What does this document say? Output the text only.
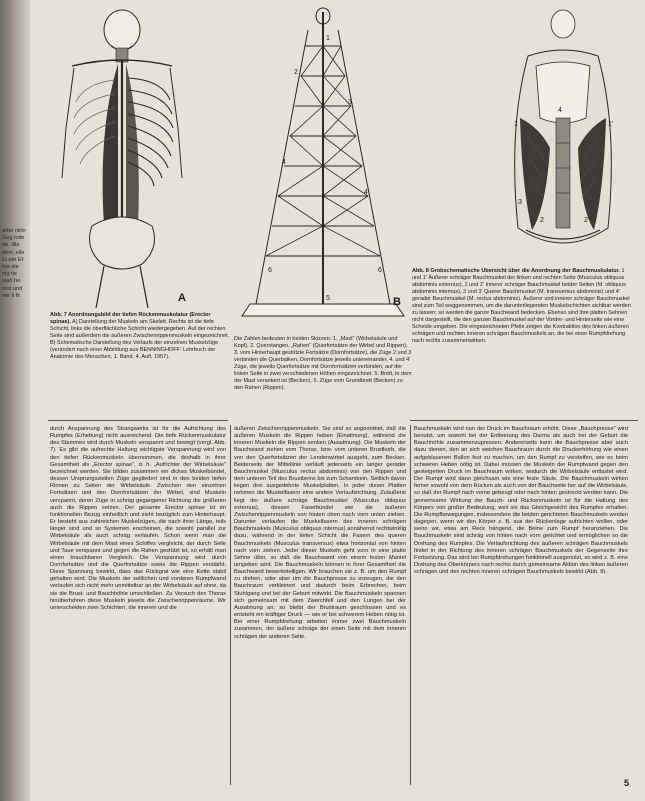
arbe ntrin Geg lolte ab. lilla ähnl. elle Ei ete Ef ma ste nig tie stab he rest und ner li lit	A
1
2
3
4
4'
6	6
5	B
1	1'
3
2	2'
4
Abb. 7 Anordnungsbild der tiefen Rückenmuskulatur (Erector spinae). A) Darstellung der Muskeln am Skelett. Rechts ist die tiefe Schicht, links die oberflächliche Schicht wiedergegeben. Auf der rechten Seite sind außerdem die äußeren Zwischenrippenmuskeln eingezeichnet. B) Schematische Darstellung des Verlaufs der einzelnen Muskelzüge (verändert nach einer Abbildung aus BENNINGHOFF: Lehrbuch der Anatomie des Menschen, 1. Band, 4. Aufl. 1957).
Die Zahlen bedeuten in beiden Skizzen: 1. „Mast" (Wirbelsäule und Kopf), 2. Querstangen, „Rahen" (Querfortsätze der Wirbel und Rippen), 3. vom Hinterhaupt gestützte Fortsätze (Dornfortsätze), die Züge 2 und 3 verbinden die Querbalken, Dornfortsätze jeweils untereinander, 4. und 4' Züge, die jeweils Querfortsätze mit Dornfortsätzen verbinden, auf der linken Seite in zwei verschiedenen Höhen eingezeichnet. 5. Brett, in dem der Mast verankert ist (Becken). 6. Züge vom Grundbrett (Becken) zu den Rahen (Rippen).
Abb. 8 Grobschematische Übersicht über die Anordnung der Bauchmuskulatur. 1 und 1' Äußerer schräger Bauchmuskel der linken und rechten Seite (Musculus obliquus abdominis externus), 2 und 2' Innerer schräger Bauchmuskel beider Seiten (M. obliquus abdominis internus), 3 und 3' Querer Bauchmuskel (M. transversus abdominis) und 4' gerader Bauchmuskel (M. rectus abdominis). Äußerer und innerer schräger Bauchmuskel sind zum Teil weggenommen, um die darunterliegenden Muskelschichten sichtbar werden zu lassen; so werden die ganze Bauchwand bedecken. Ebenso sind ihre platten Sehnen nicht dargestellt, die den ganzen Bauchmuskel auf der Vorder- und Hinterseite wie eine Scheide umgeben. Die eingezeichneten Pfeile zeigen die Kontraktion des linken äußeren schrägen und rechten inneren schrägen Bauchmuskels an, die bei einer Rumpfdrehung nach rechts zusammenwirken.
durch Anspannung des Strangwerks ist für die Aufrichtung des Rumpfes (Erhebung) nicht ausreichend. Die tiefe Rückenmuskulatur des Stammes wird durch Muskeln verspannt und bewegt (vergl. Abb. 7). Es gibt die aufrechte Haltung wichtigste Verspannung wird von den tiefen Rückenmuskeln übernommen, die deshalb in ihrer Gesamtheit als „Erector spinae", d. h. „Aufrichter der Wirbelsäule" bezeichnet werden. Sie bilden zusammen ein dickes Muskelbündel, dessen Ursprungsstellen Züge gegliedert sind in den beiden tiefen Rinnen zu Seiten der Wirbelsäule. Zwischen den einzelnen Fortsätzen und den Dornfortsätzen der Wirbel, sind Muskeln verspannt, deren Züge in schräg gegangener Richtung die größeren auch die Rippen setzen. Der gesamte Erector spinae ist im funktionellen Bezug einheitlich und zieht bezüglich zum Hinterhaupt. Er besteht aus zahlreichen Muskelzügen, die nach ihrer Länge, teils länger sind und so Systemen erscheinen, die sowohl parallel zur Wirbelsäule als auch schräg verlaufen. Schon wenn man die Wirbelsäule mit dem Mast eines Schiffes vergleicht, der durch Seile und Taue verspannt und gegen die Rahen gestützt ist, so erhält man einen brauchbaren Vergleich. Die Verspannung wird durch Dornfortsätze und die Querfortsätze sowie die Rippen verstärkt. Diese Spannung bewirkt, dass das Rückgrat wie eine Kette stabil gehalten wird. Die Muskeln der seitlichen und vorderen Rumpfwand verlaufen sich nicht mehr unmittelbar an der Wirbelsäule auf ohne, da sie die Brust- und Bauchhöhle umschließen. Zu Versuch des Thorax hinüberfahren diese Muskeln jeweils die Zwischenrippenräume. Wir unterscheiden zwei Schichten, die inneren und die
äußeren Zwischenrippenmuskeln. Sie sind so angeordnet, daß die äußeren Muskeln die Rippen heben (Einatmung), während die inneren Muskeln die Rippen senken (Ausatmung). Die Muskeln der Bauchwand ziehen vom Thorax, bzw. vom unteren Brustkorb, die von den Querfortsätzen der Lendenwirbel ausgeht, zum Becken. Beiderseits der Mittellinie verläuft jederseits ein langer gerader Bauchmuskel (Musculus rectus abdominis) von den Rippen und dem unteren Teil des Brustbeins bis zum Schambein. Seitlich davon liegen drei ausgedehnte Muskelplatten. In jeder dieser Platten nehmen die Muskelfasern eine andere Verlaufsrichtung. Zuäußerst liegt der äußere schräge Bauchmuskel (Musculus obliquus externus), dessen Faserbündel wie die äußeren Zwischenrippenmuskeln von hinten oben nach vorn unten ziehen. Darunter verlaufen die Muskelfasern des inneren schrägen Bauchmuskels (Musculus obliquus internus) annähernd rechtwinklig dazu, während in der tiefen Schicht die Fasern des queren Bauchmuskels (Musculus transversus) etwa horizontal von hinten nach vorn ziehen. Jeder dieser Muskeln geht vorn in eine platte Sehne über, so daß die Bauchwand von einem festen Mantel umgeben wird. Die Bauchmuskeln können in ihrer Gesamtheit die Bauchwand bewerkstelligen. Wir brauchen sie z. B. um den Rumpf zu drehen, oder aber um die Bauchpresse zu erzeugen, die den Bauchraum verkleinert und dadurch beim Erbrechen, beim Stuhlgang und bei der Geburt mitwirkt. Die Bauchmuskeln spannen sich gemeinsam mit dem Zwerchfell und den Lungen bei der Ausatmung an; so bleibt der Brustraum geschlossen und es entsteht ein kräftiger Druck — wie er bei schwerem Heben nötig ist. Bei einer Rumpfdrehung arbeiten immer zwei Bauchmuskeln zusammen, der äußere schräge der einen Seite mit dem inneren schrägen der anderen Seite.
Bauchmuskeln wird nun der Druck im Bauchraum erhöht. Diese „Bauchpresse" wird benutzt, um sowohl bei der Entleerung des Darms als auch bei der Geburt die Bauchhöhle zusammenzupressen. Andererseits kann die Bauchpresse aber auch dazu dienen, den an sich weichen Bauchraum durch die Druckerhöhung wie einen aufgeblasenen Ballon fest zu machen, um den Rumpf zu versteifen, wie es beim schweren Heben nötig ist. Dabei müssen die Muskeln der Rumpfwand gegen den gesteigerten Druck im Bauchraum wirken, wodurch die Wirbelsäule entlastet wird. Der Rumpf wird dann gleichsam wie eine feste Säule. Die Bauchmuskeln wirken ferner sowohl von dem Rücken als auch von der Bauchseite her auf die Wirbelsäule, so daß der Rumpf nach vorne gebeugt oder nach hinten gestreckt werden kann. Die gemeinsame Wirkung der Bauch- und Rückenmuskeln ist für die Haltung des Körpers von großer Bedeutung, weil sie das Gleichgewicht des Rumpfes erhalten. Die Rumpfbewegungen, insbesondere die beiden gerichteten Bauchmuskeln werden dagegen, wenn wir den Körper z. B. aus der Rückenlage aufrichten wollen, oder wenn wir, etwa am Reck hängend, die Beine zum Rumpf heranziehen. Die Bauchmuskeln sind schräg von hinten nach vorn gerichtet und ermöglichen so die Drehung des Rumpfes. Die Verlaufsrichtung des äußeren schrägen Bauchmuskels findet in der Richtung des inneren schrägen Bauchmuskels der Gegenseite ihre Fortsetzung. Das wird bei Rumpfdrehungen funktionell ausgenutzt, so wird z. B. eine Drehung des Oberkörpers nach rechts durch gemeinsame Aktion des linken äußeren schrägen und des rechten inneren schrägen Bauchmuskels bewirkt (Abb. 8).
5
